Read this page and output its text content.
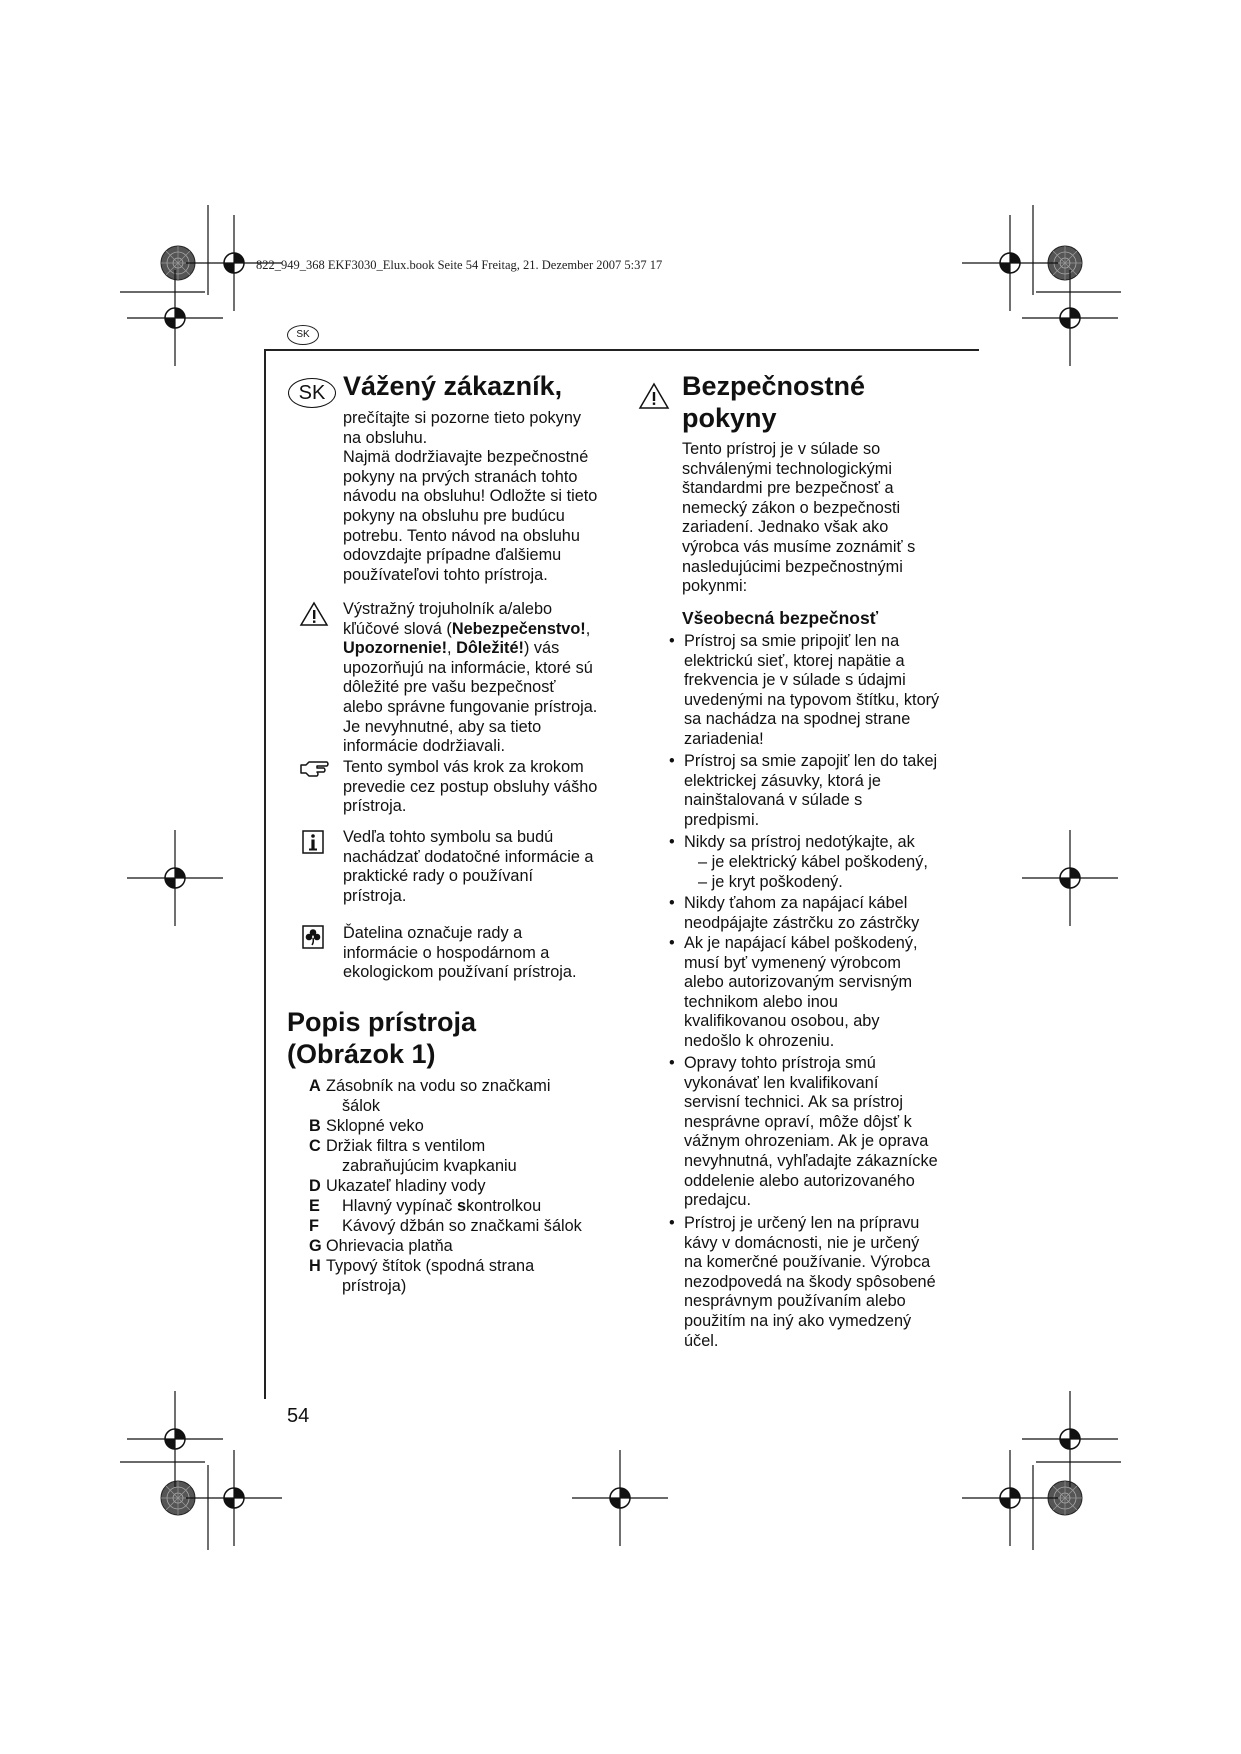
822_949_368 EKF3030_Elux.book Seite 54 Freitag, 21. Dezember 2007 5:37 17
SK
SK Vážený zákazník,
prečítajte si pozorne tieto pokyny
na obsluhu.
Najmä dodržiavajte bezpečnostné
pokyny na prvých stranách tohto
návodu na obsluhu! Odložte si tieto
pokyny na obsluhu pre budúcu
potrebu. Tento návod na obsluhu
odovzdajte prípadne ďalšiemu
používateľovi tohto prístroja.
Výstražný trojuholník a/alebo
kľúčové slová (Nebezpečenstvo!,
Upozornenie!, Dôležité!) vás
upozorňujú na informácie, ktoré sú
dôležité pre vašu bezpečnosť
alebo správne fungovanie prístroja.
Je nevyhnutné, aby sa tieto
informácie dodržiavali.
Tento symbol vás krok za krokom
prevedie cez postup obsluhy vášho
prístroja.
Vedľa tohto symbolu sa budú
nachádzať dodatočné informácie a
praktické rady o používaní
prístroja.
Ďatelina označuje rady a
informácie o hospodárnom a
ekologickom používaní prístroja.
Popis prístroja
(Obrázok 1)
A Zásobník na vodu so značkami
šálok
B Sklopné veko
C Držiak filtra s ventilom
zabraňujúcim kvapkaniu
D Ukazateľ hladiny vody
E Hlavný vypínač skontrolkou
F Kávový džbán so značkami šálok
G Ohrievacia platňa
H Typový štítok (spodná strana
prístroja)
Bezpečnostné
pokyny
Tento prístroj je v súlade so
schválenými technologickými
štandardmi pre bezpečnosť a
nemecký zákon o bezpečnosti
zariadení. Jednako však ako
výrobca vás musíme zoznámiť s
nasledujúcimi bezpečnostnými
pokynmi:
Všeobecná bezpečnosť
• Prístroj sa smie pripojiť len na
elektrickú sieť, ktorej napätie a
frekvencia je v súlade s údajmi
uvedenými na typovom štítku, ktorý
sa nachádza na spodnej strane
zariadenia!
• Prístroj sa smie zapojiť len do takej
elektrickej zásuvky, ktorá je
nainštalovaná v súlade s
predpismi.
• Nikdy sa prístroj nedotýkajte, ak
– je elektrický kábel poškodený,
– je kryt poškodený.
• Nikdy ťahom za napájací kábel
neodpájajte zástrčku zo zástrčky
• Ak je napájací kábel poškodený,
musí byť vymenený výrobcom
alebo autorizovaným servisným
technikom alebo inou
kvalifikovanou osobou, aby
nedošlo k ohrozeniu.
• Opravy tohto prístroja smú
vykonávať len kvalifikovaní
servisní technici. Ak sa prístroj
nesprávne opraví, môže dôjsť k
vážnym ohrozeniam. Ak je oprava
nevyhnutná, vyhľadajte zákaznícke
oddelenie alebo autorizovaného
predajcu.
• Prístroj je určený len na prípravu
kávy v domácnosti, nie je určený
na komerčné používanie. Výrobca
nezodpovedá na škody spôsobené
nesprávnym používaním alebo
použitím na iný ako vymedzený
účel.
54
